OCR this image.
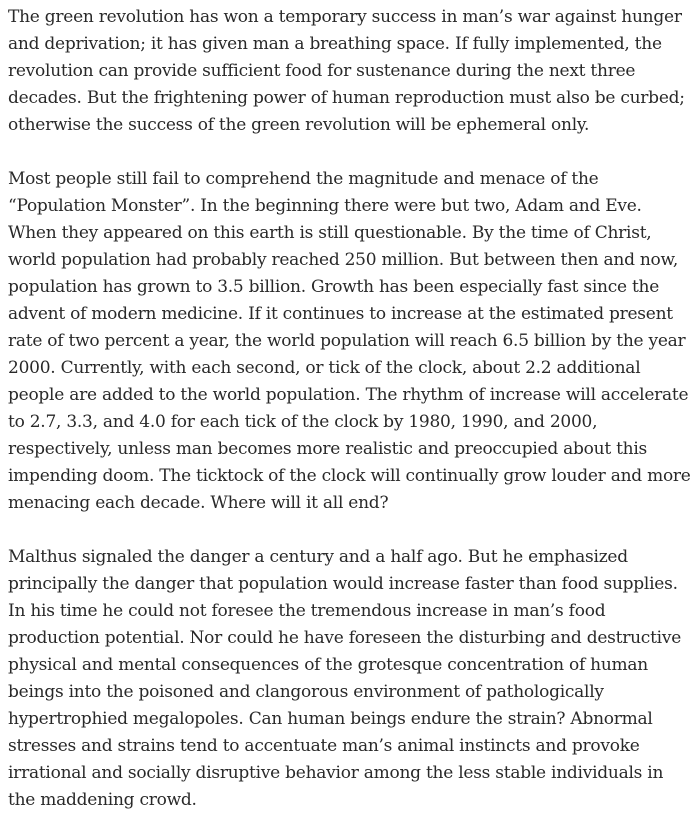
The green revolution has won a temporary success in man’s war against hunger and deprivation; it has given man a breathing space. If fully implemented, the revolution can provide sufficient food for sustenance during the next three decades. But the frightening power of human reproduction must also be curbed; otherwise the success of the green revolution will be ephemeral only.

Most people still fail to comprehend the magnitude and menace of the “Population Monster”. In the beginning there were but two, Adam and Eve. When they appeared on this earth is still questionable. By the time of Christ, world population had probably reached 250 million. But between then and now, population has grown to 3.5 billion. Growth has been especially fast since the advent of modern medicine. If it continues to increase at the estimated present rate of two percent a year, the world population will reach 6.5 billion by the year 2000. Currently, with each second, or tick of the clock, about 2.2 additional people are added to the world population. The rhythm of increase will accelerate to 2.7, 3.3, and 4.0 for each tick of the clock by 1980, 1990, and 2000, respectively, unless man becomes more realistic and preoccupied about this impending doom. The ticktock of the clock will continually grow louder and more menacing each decade. Where will it all end?

Malthus signaled the danger a century and a half ago. But he emphasized principally the danger that population would increase faster than food supplies. In his time he could not foresee the tremendous increase in man’s food production potential. Nor could he have foreseen the disturbing and destructive physical and mental consequences of the grotesque concentration of human beings into the poisoned and clangorous environment of pathologically hypertrophied megalopoles. Can human beings endure the strain? Abnormal stresses and strains tend to accentuate man’s animal instincts and provoke irrational and socially disruptive behavior among the less stable individuals in the maddening crowd.
